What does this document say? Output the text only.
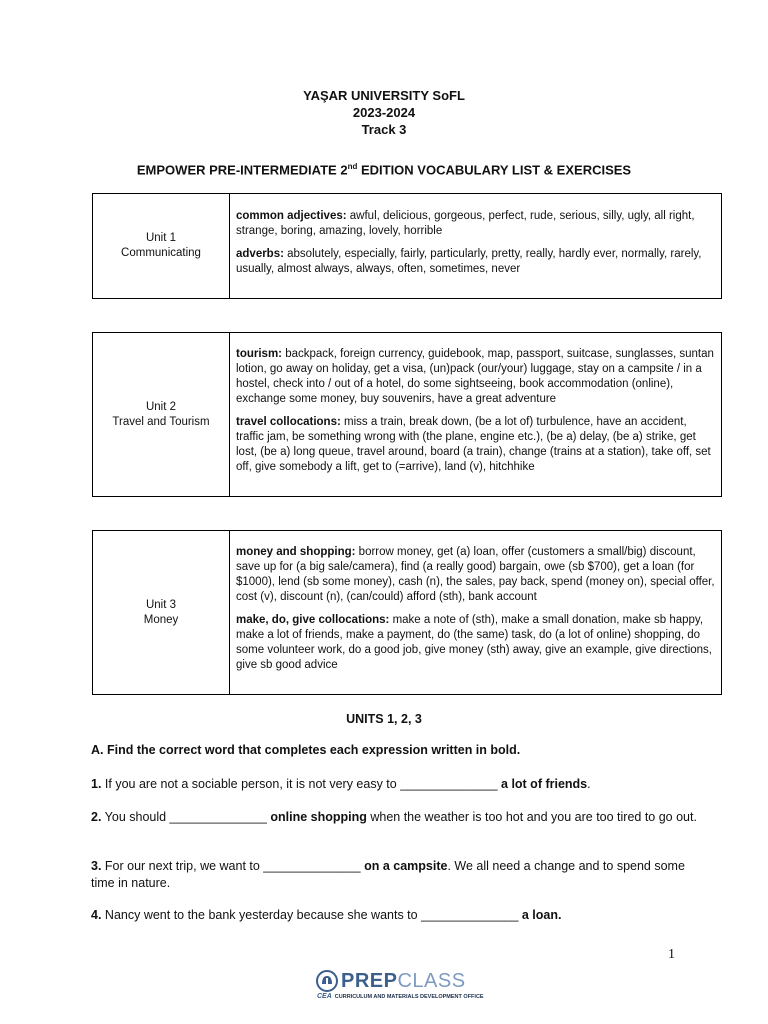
YAŞAR UNIVERSITY SoFL
2023-2024
Track 3
EMPOWER PRE-INTERMEDIATE 2nd EDITION VOCABULARY LIST & EXERCISES
Unit 1
Communicating

common adjectives: awful, delicious, gorgeous, perfect, rude, serious, silly, ugly, all right, strange, boring, amazing, lovely, horrible

adverbs: absolutely, especially, fairly, particularly, pretty, really, hardly ever, normally, rarely, usually, almost always, always, often, sometimes, never

Unit 2
Travel and Tourism

tourism: backpack, foreign currency, guidebook, map, passport, suitcase, sunglasses, suntan lotion, go away on holiday, get a visa, (un)pack (our/your) luggage, stay on a campsite / in a hostel, check into / out of a hotel, do some sightseeing, book accommodation (online), exchange some money, buy souvenirs, have a great adventure

travel collocations: miss a train, break down, (be a lot of) turbulence, have an accident, traffic jam, be something wrong with (the plane, engine etc.), (be a) delay, (be a) strike, get lost, (be a) long queue, travel around, board (a train), change (trains at a station), take off, set off, give somebody a lift, get to (=arrive), land (v), hitchhike

Unit 3
Money

money and shopping: borrow money, get (a) loan, offer (customers a small/big) discount, save up for (a big sale/camera), find (a really good) bargain, owe (sb $700), get a loan (for $1000), lend (sb some money), cash (n), the sales, pay back, spend (money on), special offer, cost (v), discount (n), (can/could) afford (sth), bank account

make, do, give collocations: make a note of (sth), make a small donation, make sb happy, make a lot of friends, make a payment, do (the same) task, do (a lot of online) shopping, do some volunteer work, do a good job, give money (sth) away, give an example, give directions, give sb good advice

UNITS 1, 2, 3
A. Find the correct word that completes each expression written in bold.
1. If you are not a sociable person, it is not very easy to ______________ a lot of friends.
2. You should ______________ online shopping when the weather is too hot and you are too tired to go out.
3. For our next trip, we want to ______________ on a campsite. We all need a change and to spend some time in nature.
4. Nancy went to the bank yesterday because she wants to ______________ a loan.
1
PREPCLASS
CEA CURRICULUM AND MATERIALS DEVELOPMENT OFFICE
